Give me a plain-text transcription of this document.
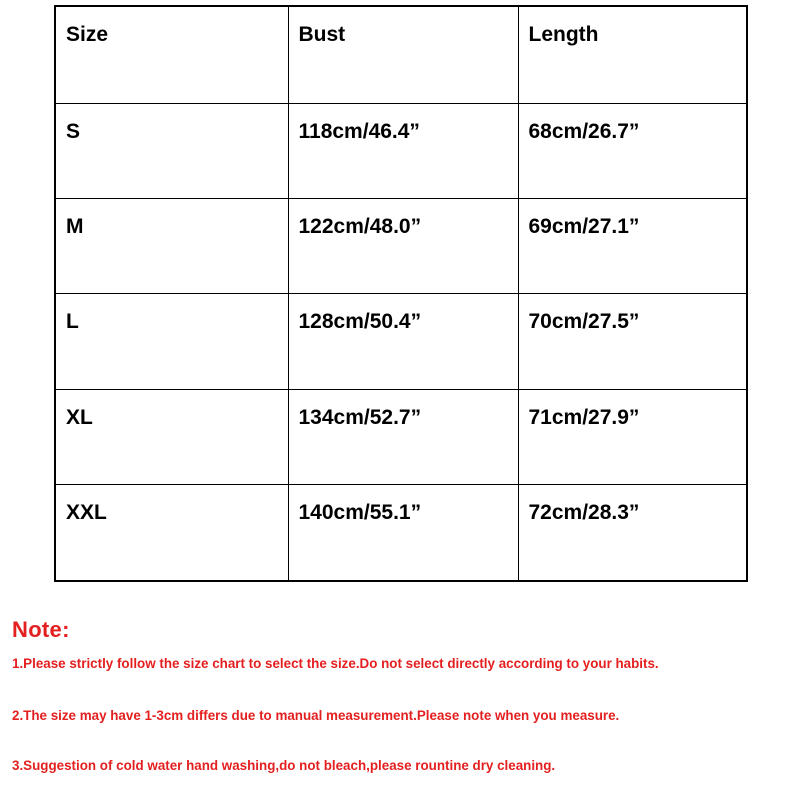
Size	Bust	Length
S	118cm/46.4”	68cm/26.7”
M	122cm/48.0”	69cm/27.1”
L	128cm/50.4”	70cm/27.5”
XL	134cm/52.7”	71cm/27.9”
XXL	140cm/55.1”	72cm/28.3”

Note:

1.Please strictly follow the size chart to select the size.Do not select directly according to your habits.

2.The size may have 1-3cm differs due to manual measurement.Please note when you measure.

3.Suggestion of cold water hand washing,do not bleach,please rountine dry cleaning.
